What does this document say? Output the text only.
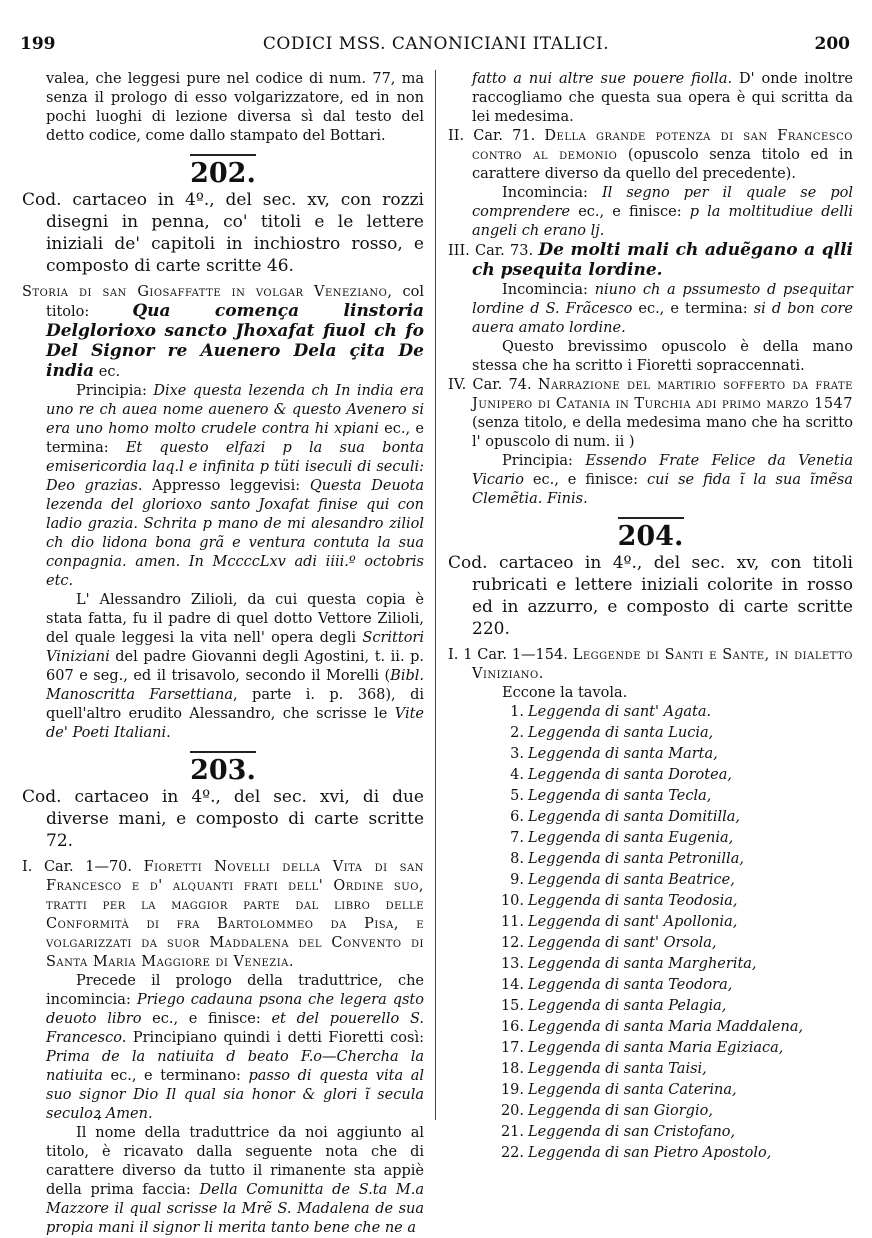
199	CODICI MSS. CANONICIANI ITALICI.	200

valea, che leggesi pure nel codice di num. 77, ma senza il prologo di esso volgarizzatore, ed in non pochi luoghi di lezione diversa sì dal testo del detto codice, come dallo stampato del Bottari.

202.

Cod. cartaceo in 4º., del sec. xv, con rozzi disegni in penna, co' titoli e le lettere iniziali de' capitoli in inchiostro rosso, e composto di carte scritte 46.

Storia di san Giosaffatte in volgar Veneziano, col titolo: Qua començа linstoria Delglorioxo sancto Jhoxafat fiuol ch fo Del Signor re Auenero Dela çita De india ec.

Principia: Dixe questa lezenda ch In india era uno re ch auea nome auenero & questo Avenero si era uno homo molto crudele contra hi xpiani ec., e termina: Et questo elfazi p la sua bonta emisericordia laq.l e infinita p tüti iseculi di seculi: Deo grazias. Appresso leggevisi: Questa Deuota lezenda del glorioxo santo Joxafat finise qui con ladio grazia. Schrita p mano de mi alesandro ziliol ch dio lidona bona grã e ventura contuta la sua conpagnia. amen. In MccccLxv adi iiii.º octobris etc.

L' Alessandro Zilioli, da cui questa copia è stata fatta, fu il padre di quel dotto Vettore Zilioli, del quale leggesi la vita nell' opera degli Scrittori Viniziani del padre Giovanni degli Agostini, t. ii. p. 607 e seg., ed il trisavolo, secondo il Morelli (Bibl. Manoscritta Farsettiana, parte i. p. 368), di quell'altro erudito Alessandro, che scrisse le Vite de' Poeti Italiani.

203.

Cod. cartaceo in 4º., del sec. xvi, di due diverse mani, e composto di carte scritte 72.

I. Car. 1—70. Fioretti Novelli della Vita di san Francesco e d' alquanti frati dell' Ordine suo, tratti per la maggior parte dal libro delle Conformità di fra Bartolommeo da Pisa, e volgarizzati da suor Maddalena del Convento di Santa Maria Maggiore di Venezia.

Precede il prologo della traduttrice, che incomincia: Priego cadauna psona che legera qsto deuoto libro ec., e finisce: et del pouerello S. Francesco. Principiano quindi i detti Fioretti così: Prima de la natiuita d beato F.o—Chercha la natiuita ec., e terminano: passo di questa vita al suo signor Dio Il qual sia honor & glori ĩ secula seculoꝝ Amen.

Il nome della traduttrice da noi aggiunto al titolo, è ricavato dalla seguente nota che di carattere diverso da tutto il rimanente sta appiè della prima faccia: Della Comunitta de S.ta M.a Mazzore il qual scrisse la Mrẽ S. Madalena de sua propia mani il signor li merita tanto bene che ne a

fatto a nui altre sue pouere fiolla. D' onde inoltre raccogliamo che questa sua opera è qui scritta da lei medesima.

II. Car. 71. Della grande potenza di san Francesco contro al demonio (opuscolo senza titolo ed in carattere diverso da quello del precedente).

Incomincia: Il segno per il quale se pol comprendere ec., e finisce: p la moltitudiue delli angeli ch erano lj.

III. Car. 73. De molti mali ch aduẽgano a qlli ch psequita lordine.

Incomincia: niuno ch a pssumesto d psequitar lordine d S. Frãcesco ec., e termina: si d bon core auera amato lordine.

Questo brevissimo opuscolo è della mano stessa che ha scritto i Fioretti sopraccennati.

IV. Car. 74. Narrazione del martirio sofferto da frate Junipero di Catania in Turchia adi primo marzo 1547 (senza titolo, e della medesima mano che ha scritto l' opuscolo di num. ii )

Principia: Essendo Frate Felice da Venetia Vicario ec., e finisce: cui se fida ĩ la sua ĩmẽsa Clemẽtia. Finis.

204.

Cod. cartaceo in 4º., del sec. xv, con titoli rubricati e lettere iniziali colorite in rosso ed in azzurro, e composto di carte scritte 220.

I. 1 Car. 1—154. Leggende di Santi e Sante, in dialetto Viniziano.

Eccone la tavola.

1. Leggenda di sant' Agata.
2. Leggenda di santa Lucia,
3. Leggenda di santa Marta,
4. Leggenda di santa Dorotea,
5. Leggenda di santa Tecla,
6. Leggenda di santa Domitilla,
7. Leggenda di santa Eugenia,
8. Leggenda di santa Petronilla,
9. Leggenda di santa Beatrice,
10. Leggenda di santa Teodosia,
11. Leggenda di sant' Apollonia,
12. Leggenda di sant' Orsola,
13. Leggenda di santa Margherita,
14. Leggenda di santa Teodora,
15. Leggenda di santa Pelagia,
16. Leggenda di santa Maria Maddalena,
17. Leggenda di santa Maria Egiziaca,
18. Leggenda di santa Taisi,
19. Leggenda di santa Caterina,
20. Leggenda di san Giorgio,
21. Leggenda di san Cristofano,
22. Leggenda di san Pietro Apostolo,
